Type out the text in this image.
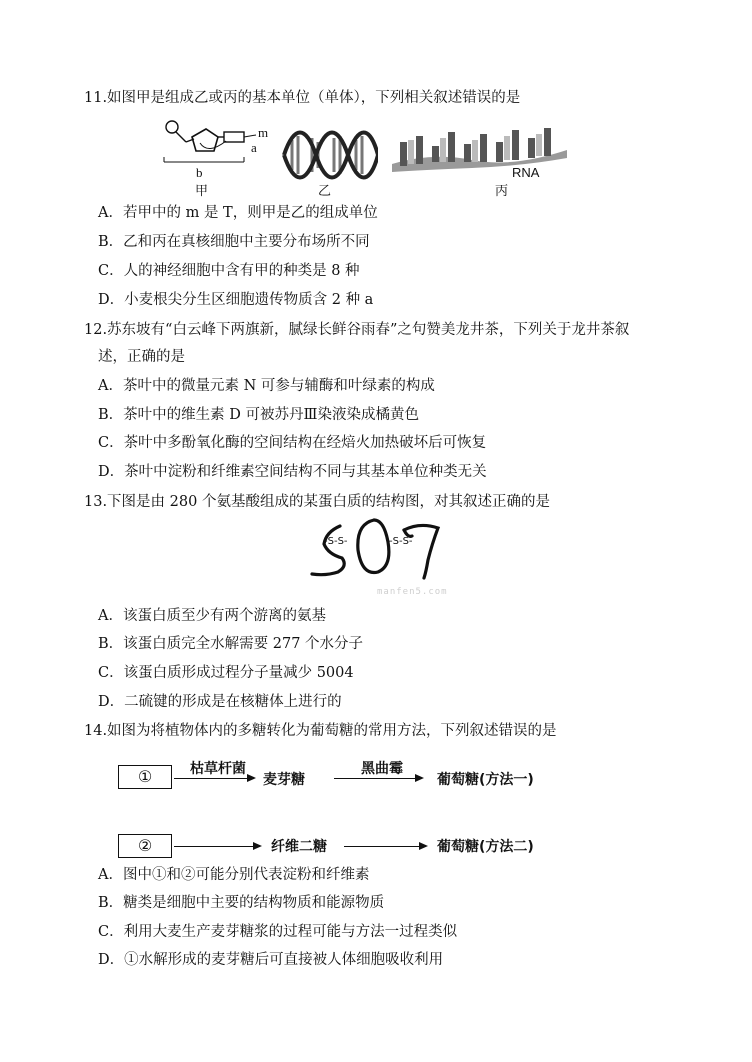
11.如图甲是组成乙或丙的基本单位（单体），下列相关叙述错误的是
m
a
b
甲	乙
RNA
丙
A．若甲中的 m 是 T，则甲是乙的组成单位
B．乙和丙在真核细胞中主要分布场所不同
C．人的神经细胞中含有甲的种类是 8 种
D．小麦根尖分生区细胞遗传物质含 2 种 a
12.苏东坡有“白云峰下两旗新，腻绿长鲜谷雨春”之句赞美龙井茶，下列关于龙井茶叙
述，正确的是
A．茶叶中的微量元素 N 可参与辅酶和叶绿素的构成
B．茶叶中的维生素 D 可被苏丹Ⅲ染液染成橘黄色
C．茶叶中多酚氧化酶的空间结构在经焙火加热破坏后可恢复
D．茶叶中淀粉和纤维素空间结构不同与其基本单位种类无关
13.下图是由 280 个氨基酸组成的某蛋白质的结构图，对其叙述正确的是
-S-S-	-S-S-
manfen5.com
A．该蛋白质至少有两个游离的氨基
B．该蛋白质完全水解需要 277 个水分子
C．该蛋白质形成过程分子量减少 5004
D．二硫键的形成是在核糖体上进行的
14.如图为将植物体内的多糖转化为葡萄糖的常用方法，下列叙述错误的是
①	枯草杆菌
麦芽糖
黑曲霉
葡萄糖(方法一)
②	纤维二糖	葡萄糖(方法二)
A．图中①和②可能分别代表淀粉和纤维素
B．糖类是细胞中主要的结构物质和能源物质
C．利用大麦生产麦芽糖浆的过程可能与方法一过程类似
D．①水解形成的麦芽糖后可直接被人体细胞吸收利用
